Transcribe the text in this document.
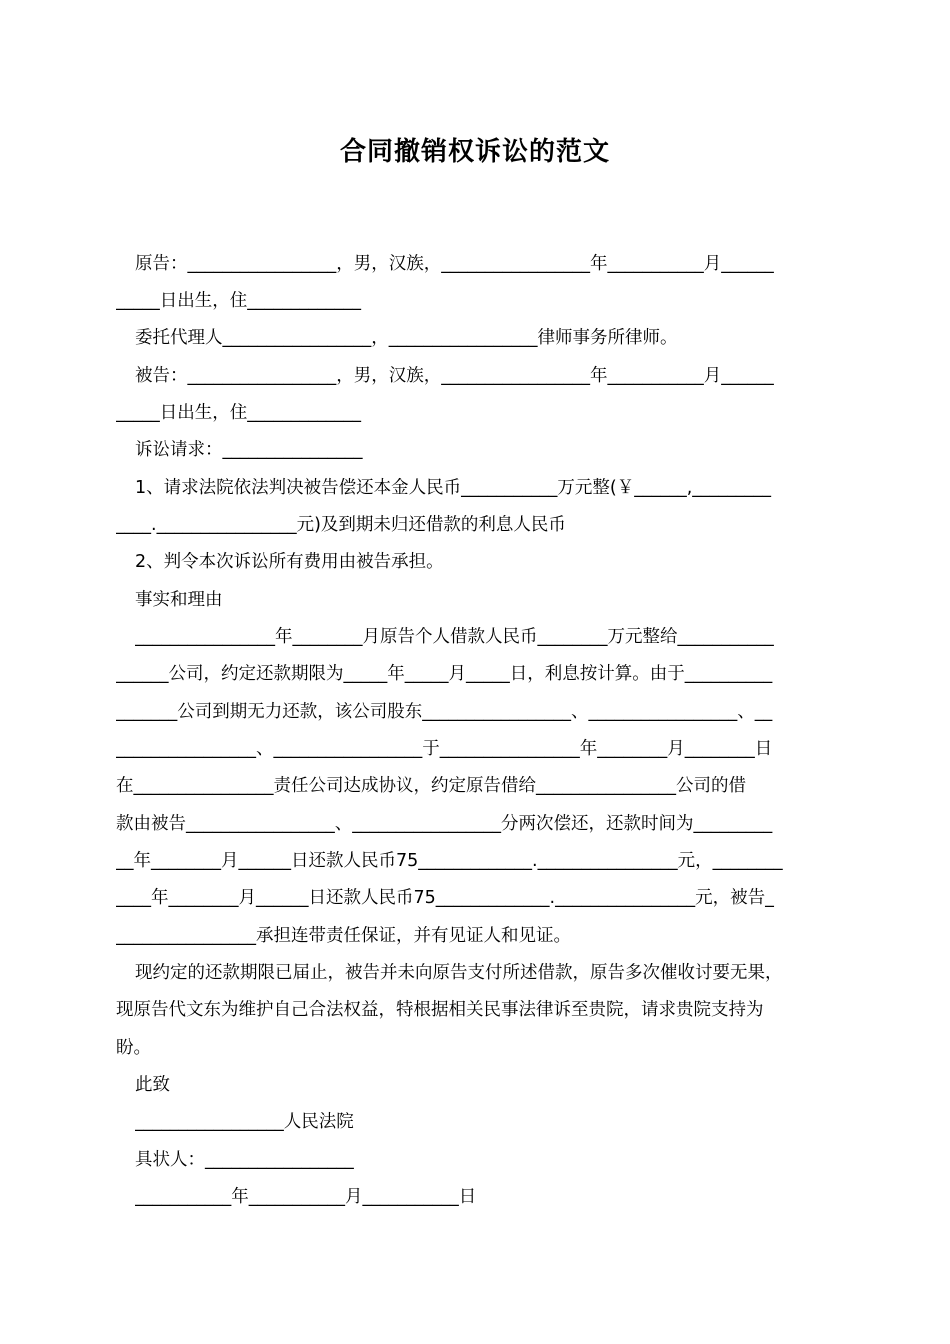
合同撤销权诉讼的范文
原告：_________________，男，汉族，_________________年___________月______
_____日出生，住_____________
委托代理人_________________，_________________律师事务所律师。
被告：_________________，男，汉族，_________________年___________月______
_____日出生，住_____________
诉讼请求：________________
1、请求法院依法判决被告偿还本金人民币___________万元整(￥______,_________
____.________________元)及到期未归还借款的利息人民币
2、判令本次诉讼所有费用由被告承担。
事实和理由
________________年________月原告个人借款人民币________万元整给___________
______公司，约定还款期限为_____年_____月_____日，利息按计算。由于__________
_______公司到期无力还款，该公司股东_________________、_________________、__
________________、_________________于________________年________月________日
在________________责任公司达成协议，约定原告借给________________公司的借
款由被告_________________、_________________分两次偿还，还款时间为_________
__年________月______日还款人民币75_____________.________________元，________
____年________月______日还款人民币75_____________.________________元，被告_
________________承担连带责任保证，并有见证人和见证。
现约定的还款期限已届止，被告并未向原告支付所述借款，原告多次催收讨要无果，
现原告代文东为维护自己合法权益，特根据相关民事法律诉至贵院，请求贵院支持为
盼。
此致
_________________人民法院
具状人：_________________
___________年___________月___________日
